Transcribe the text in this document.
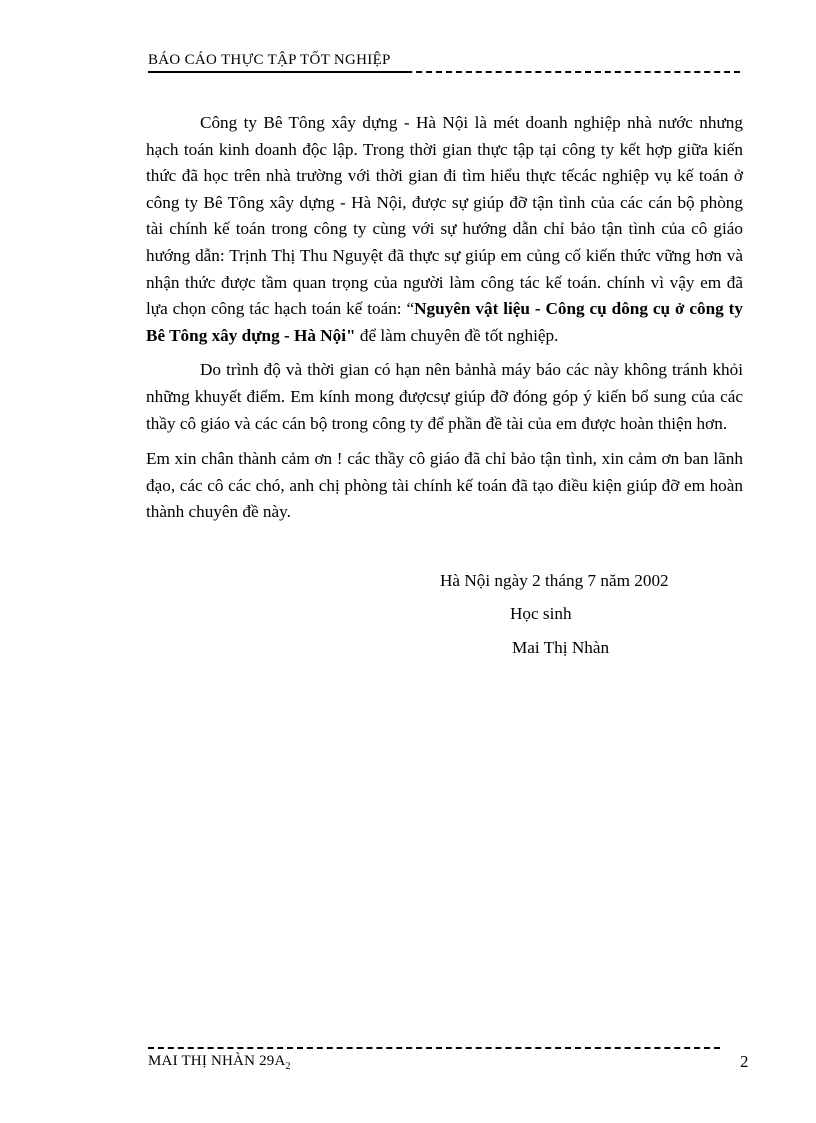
BÁO CÁO THỰC TẬP TỐT NGHIỆP

Công ty Bê Tông xây dựng - Hà Nội là mét doanh nghiệp nhà nước nhưng hạch toán kinh doanh độc lập. Trong thời gian thực tập tại công ty kết hợp giữa kiến thức đã học trên nhà trường với thời gian đi tìm hiểu thực tếcác nghiệp vụ kế toán ở công ty Bê Tông xây dựng - Hà Nội, được sự giúp đỡ tận tình của các cán bộ phòng tài chính kế toán trong công ty cùng với sự hướng dẫn chỉ bảo tận tình của cô giáo hướng dẫn: Trịnh Thị Thu Nguyệt đã thực sự giúp em củng cố kiến thức vững hơn và nhận thức được tầm quan trọng của người làm công tác kế toán. chính vì vậy em đã lựa chọn công tác hạch toán kế toán: “Nguyên vật liệu - Công cụ dông cụ ở công ty Bê Tông xây dựng - Hà Nội" để làm chuyên đề tốt nghiệp.

Do trình độ và thời gian có hạn nên bảnhà máy báo các này không tránh khỏi những khuyết điểm. Em kính mong đượcsự giúp đỡ đóng góp ý kiến bổ sung của các thầy cô giáo và các cán bộ trong công ty để phần đề tài của em được hoàn thiện hơn.

Em xin chân thành cảm ơn ! các thầy cô giáo đã chỉ bảo tận tình, xin cảm ơn ban lãnh đạo, các cô các chó, anh chị phòng tài chính kế toán đã tạo điều kiện giúp đỡ em hoàn thành chuyên đề này.

Hà Nội ngày 2 tháng 7 năm 2002
Học sinh
Mai Thị Nhàn
MAI THỊ NHÀN $29A_2$	2
